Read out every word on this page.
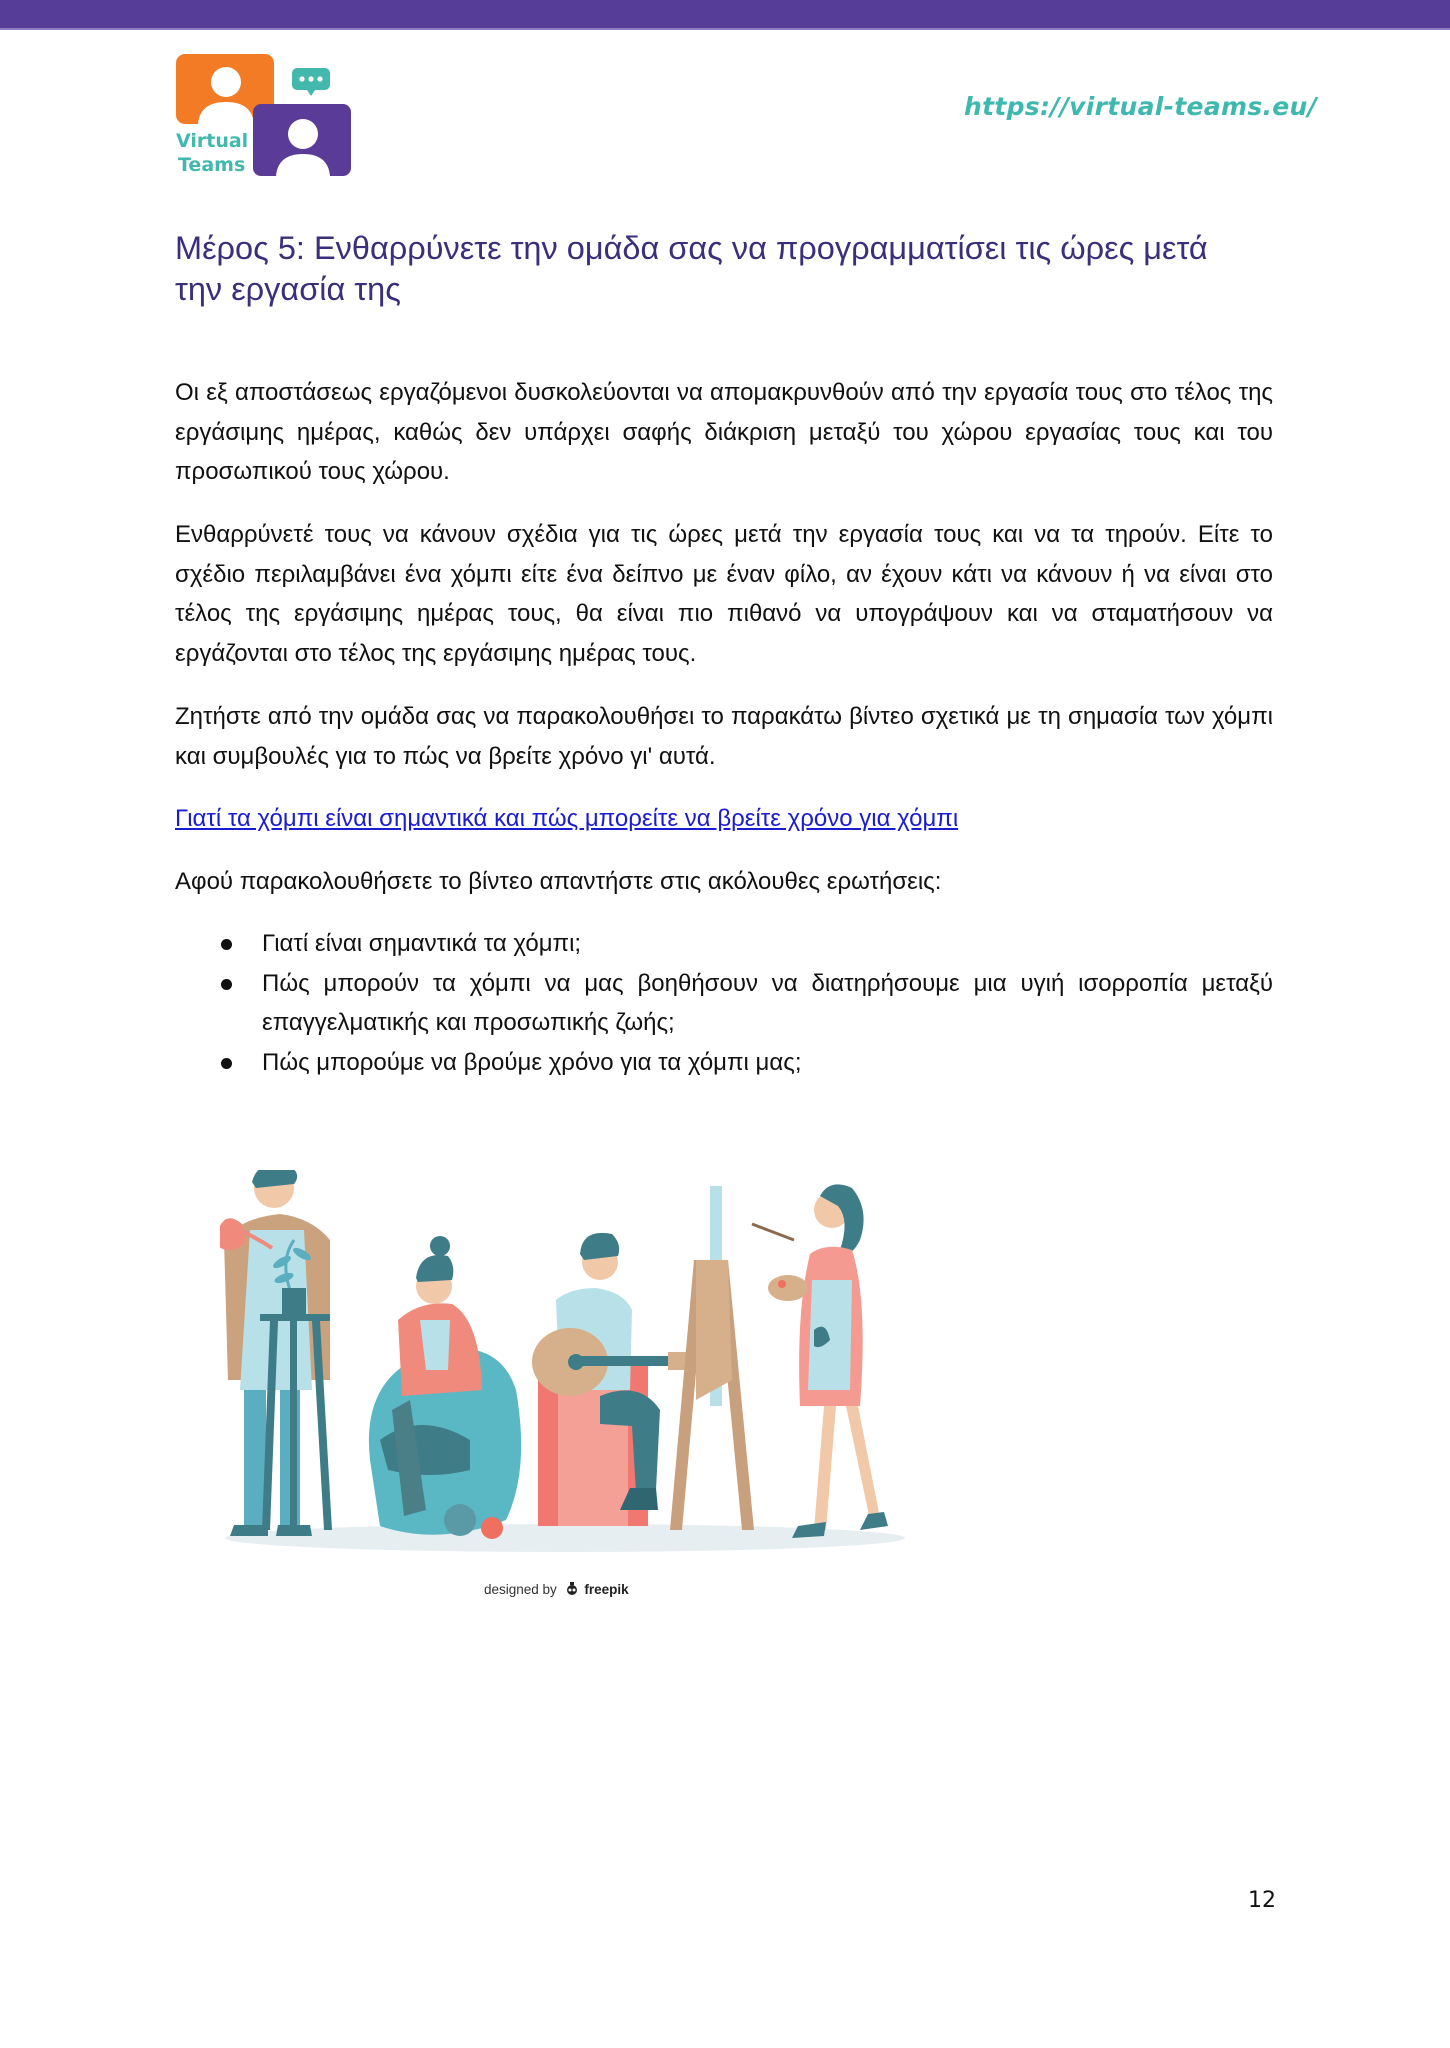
Virtual
Teams
https://virtual-teams.eu/
Μέρος 5: Ενθαρρύνετε την ομάδα σας να προγραμματίσει τις ώρες μετά
την εργασία της

Οι εξ αποστάσεως εργαζόμενοι δυσκολεύονται να απομακρυνθούν από την εργασία τους στο τέλος της εργάσιμης ημέρας, καθώς δεν υπάρχει σαφής διάκριση μεταξύ του χώρου εργασίας τους και του προσωπικού τους χώρου.

Ενθαρρύνετέ τους να κάνουν σχέδια για τις ώρες μετά την εργασία τους και να τα τηρούν. Είτε το σχέδιο περιλαμβάνει ένα χόμπι είτε ένα δείπνο με έναν φίλο, αν έχουν κάτι να κάνουν ή να είναι στο τέλος της εργάσιμης ημέρας τους, θα είναι πιο πιθανό να υπογράψουν και να σταματήσουν να εργάζονται στο τέλος της εργάσιμης ημέρας τους.

Ζητήστε από την ομάδα σας να παρακολουθήσει το παρακάτω βίντεο σχετικά με τη σημασία των χόμπι και συμβουλές για το πώς να βρείτε χρόνο γι' αυτά.

Γιατί τα χόμπι είναι σημαντικά και πώς μπορείτε να βρείτε χρόνο για χόμπι

Αφού παρακολουθήσετε το βίντεο απαντήστε στις ακόλουθες ερωτήσεις:

Γιατί είναι σημαντικά τα χόμπι;
Πώς μπορούν τα χόμπι να μας βοηθήσουν να διατηρήσουμε μια υγιή ισορροπία μεταξύ επαγγελματικής και προσωπικής ζωής;
Πώς μπορούμε να βρούμε χρόνο για τα χόμπι μας;
designed by freepik
12
